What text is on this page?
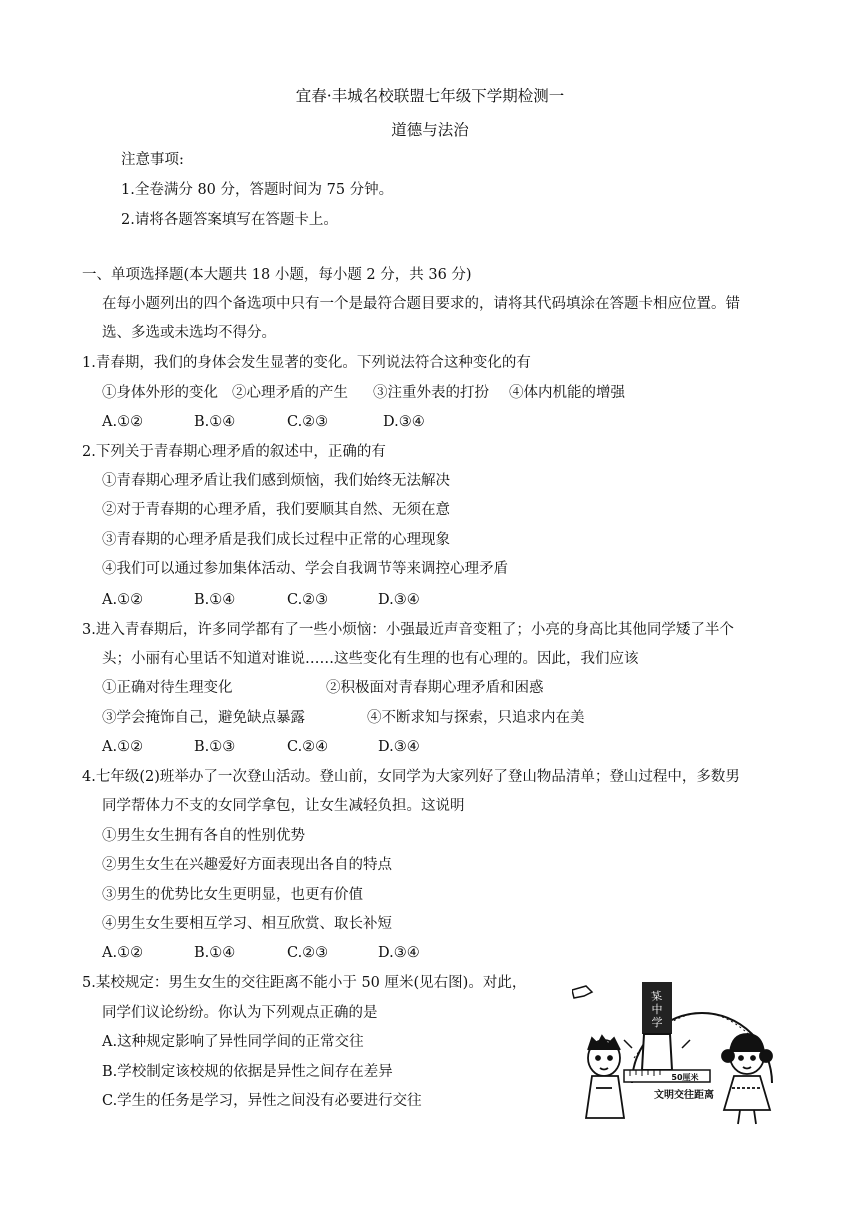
宜春·丰城名校联盟七年级下学期检测一
道德与法治
注意事项:
1.全卷满分 80 分，答题时间为 75 分钟。
2.请将各题答案填写在答题卡上。
一、单项选择题(本大题共 18 小题，每小题 2 分，共 36 分)
在每小题列出的四个备选项中只有一个是最符合题目要求的，请将其代码填涂在答题卡相应位置。错
选、多选或未选均不得分。
1.青春期，我们的身体会发生显著的变化。下列说法符合这种变化的有
①身体外形的变化 ②心理矛盾的产生 ③注重外表的打扮 ④体内机能的增强
A.①②	B.①④	C.②③	D.③④
2.下列关于青春期心理矛盾的叙述中，正确的有
①青春期心理矛盾让我们感到烦恼，我们始终无法解决
②对于青春期的心理矛盾，我们要顺其自然、无须在意
③青春期的心理矛盾是我们成长过程中正常的心理现象
④我们可以通过参加集体活动、学会自我调节等来调控心理矛盾
A.①②	B.①④	C.②③	D.③④
3.进入青春期后，许多同学都有了一些小烦恼：小强最近声音变粗了；小亮的身高比其他同学矮了半个
头；小丽有心里话不知道对谁说……这些变化有生理的也有心理的。因此，我们应该
①正确对待生理变化	②积极面对青春期心理矛盾和困惑
③学会掩饰自己，避免缺点暴露	④不断求知与探索，只追求内在美
A.①②	B.①③	C.②④	D.③④
4.七年级(2)班举办了一次登山活动。登山前，女同学为大家列好了登山物品清单；登山过程中，多数男
同学帮体力不支的女同学拿包，让女生减轻负担。这说明
①男生女生拥有各自的性别优势
②男生女生在兴趣爱好方面表现出各自的特点
③男生的优势比女生更明显，也更有价值
④男生女生要相互学习、相互欣赏、取长补短
A.①②	B.①④	C.②③	D.③④
5.某校规定：男生女生的交往距离不能小于 50 厘米(见右图)。对此，
同学们议论纷纷。你认为下列观点正确的是
A.这种规定影响了异性同学间的正常交往
B.学校制定该校规的依据是异性之间存在差异
C.学生的任务是学习，异性之间没有必要进行交往
某
中
学
50厘米
文明交往距离
